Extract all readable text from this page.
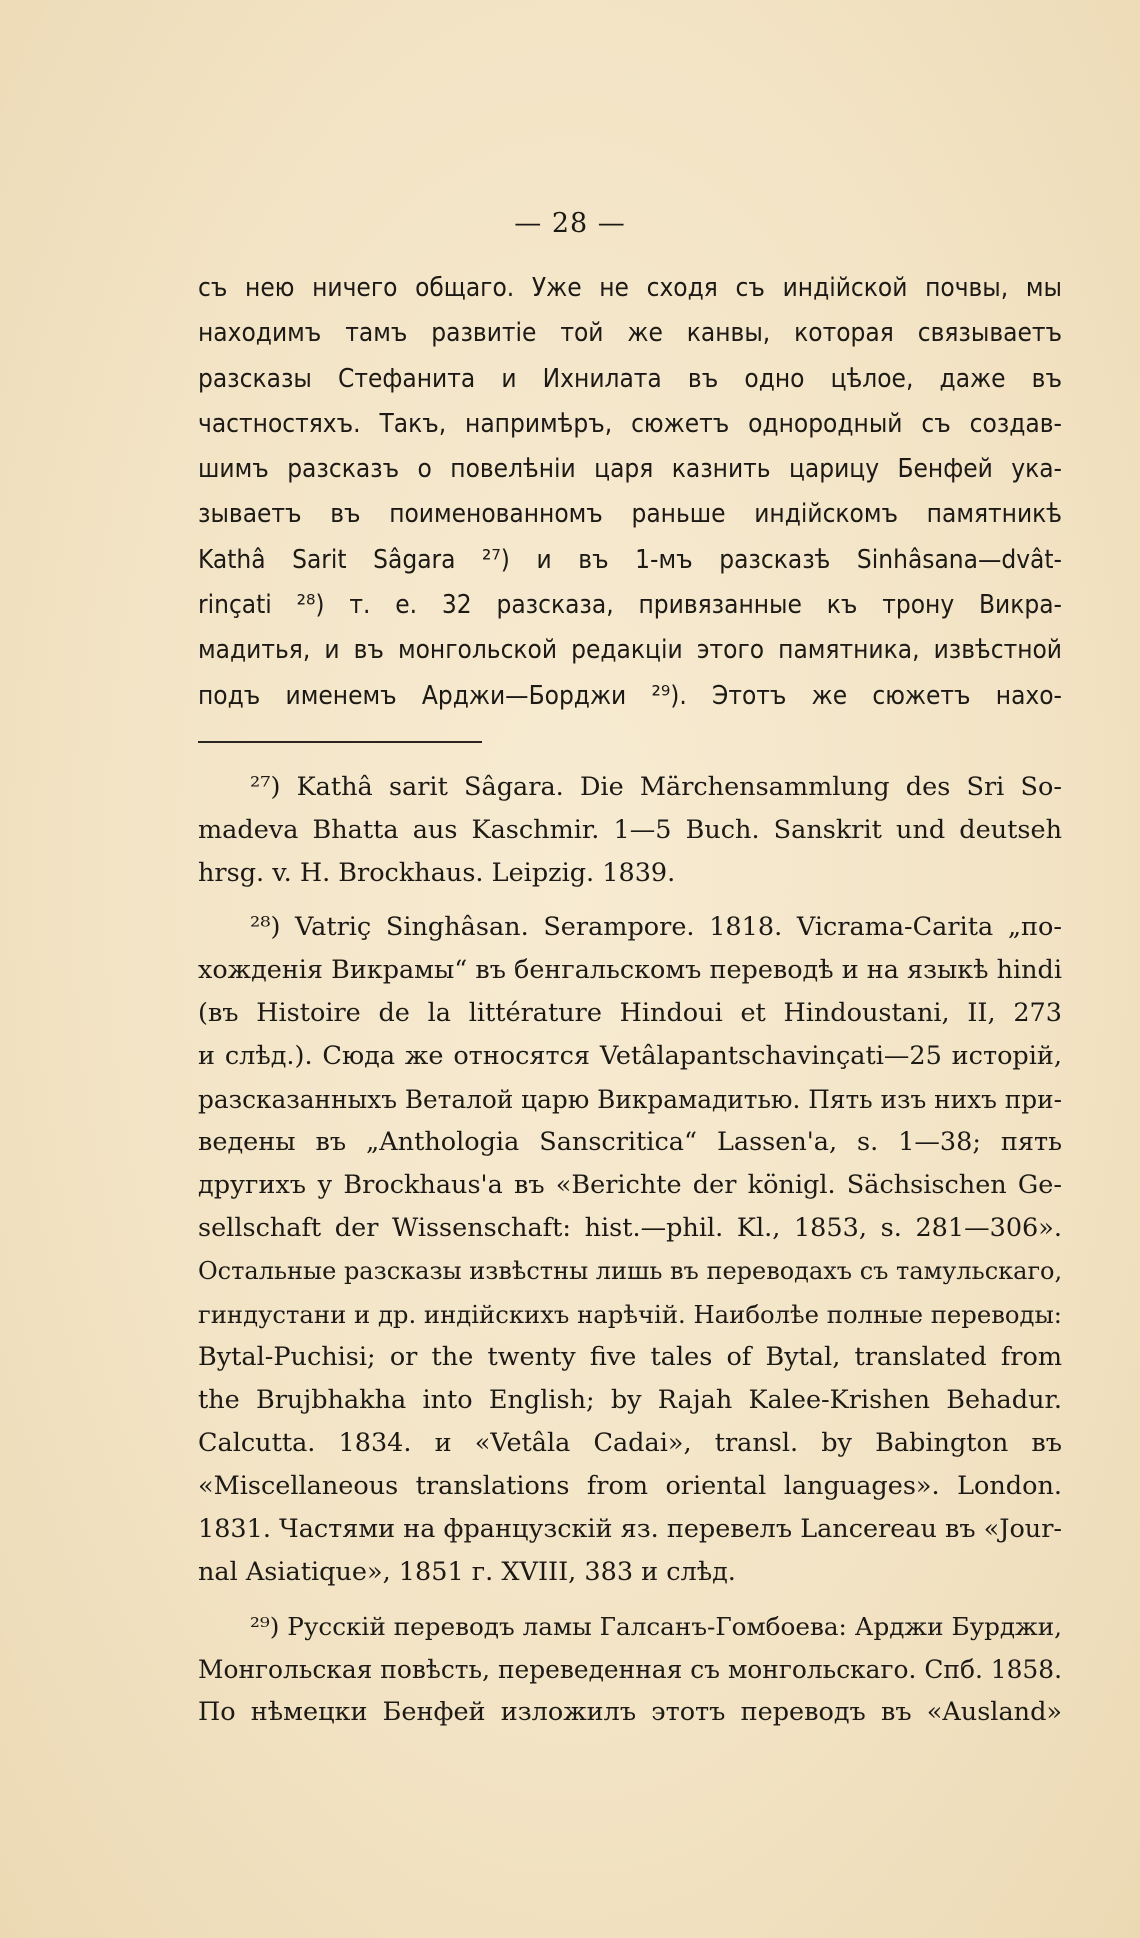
— 28 —
съ нею ничего общаго. Уже не сходя съ индійской почвы, мы
находимъ тамъ развитіе той же канвы, которая связываетъ
разсказы Стефанита и Ихнилата въ одно цѣлое, даже въ
частностяхъ. Такъ, напримѣръ, сюжетъ однородный съ создав-
шимъ разсказъ о повелѣніи царя казнить царицу Бенфей ука-
зываетъ въ поименованномъ раньше индійскомъ памятникѣ
Kathâ Sarit Sâgara ²⁷) и въ 1-мъ разсказѣ Sinhâsana—dvât-
rinçati ²⁸) т. е. 32 разсказа, привязанные къ трону Викра-
мадитья, и въ монгольской редакціи этого памятника, извѣстной
подъ именемъ Арджи—Борджи ²⁹). Этотъ же сюжетъ нахо-
²⁷) Kathâ sarit Sâgara. Die Märchensammlung des Sri So-
madeva Bhatta aus Kaschmir. 1—5 Buch. Sanskrit und deutseh
hrsg. v. H. Brockhaus. Leipzig. 1839.
²⁸) Vatriç Singhâsan. Serampore. 1818. Vicrama-Carita „по-
хожденія Викрамы“ въ бенгальскомъ переводѣ и на языкѣ hindi
(въ Histoire de la littérature Hindoui et Hindoustani, II, 273
и слѣд.). Сюда же относятся Vetâlapantschavinçati—25 исторій,
разсказанныхъ Веталой царю Викрамадитью. Пять изъ нихъ при-
ведены въ „Anthologia Sanscritica“ Lassen'a, s. 1—38; пять
другихъ у Brockhaus'a въ «Berichte der königl. Sächsischen Ge-
sellschaft der Wissenschaft: hist.—phil. Kl., 1853, s. 281—306».
Остальные разсказы извѣстны лишь въ переводахъ съ тамульскаго,
гиндустани и др. индійскихъ нарѣчій. Наиболѣе полные переводы:
Bytal-Puchisi; or the twenty five tales of Bytal, translated from
the Brujbhakha into English; by Rajah Kalee-Krishen Behadur.
Calcutta. 1834. и «Vetâla Cadai», transl. by Babington въ
«Miscellaneous translations from oriental languages». London.
1831. Частями на французскій яз. перевелъ Lancereau въ «Jour-
nal Asiatique», 1851 г. XVIII, 383 и слѣд.
²⁹) Русскій переводъ ламы Галсанъ-Гомбоева: Арджи Бурджи,
Монгольская повѣсть, переведенная съ монгольскаго. Спб. 1858.
По нѣмецки Бенфей изложилъ этотъ переводъ въ «Ausland»
